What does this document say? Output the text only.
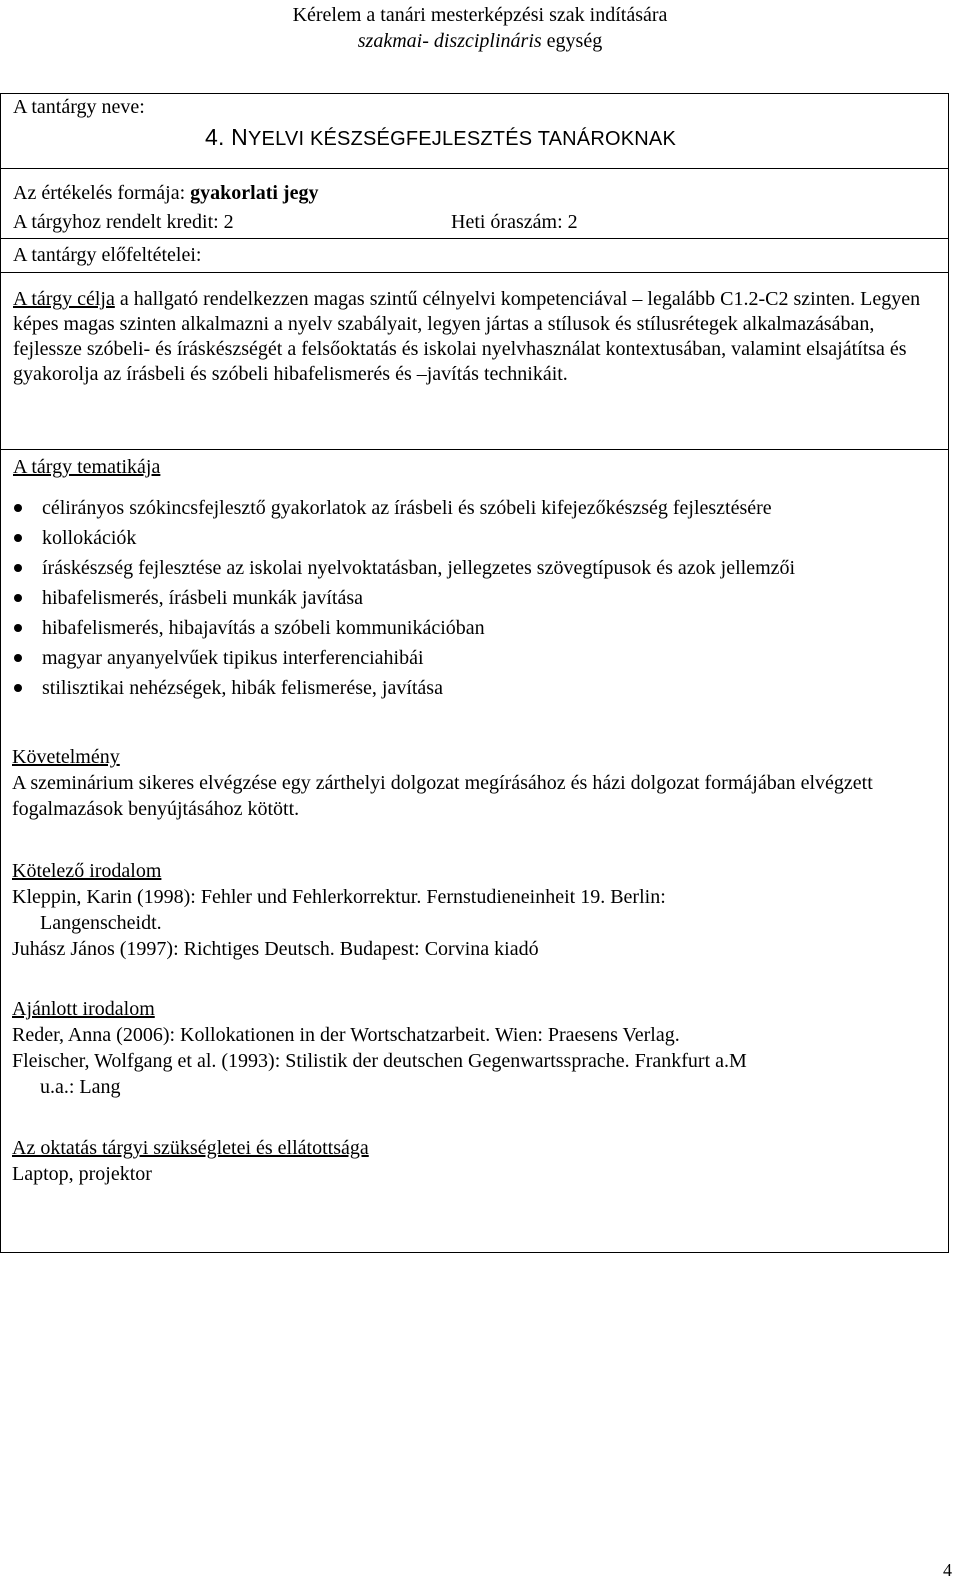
Kérelem a tanári mesterképzési szak indítására
szakmai- diszciplináris egység
A tantárgy neve:
4. NYELVI KÉSZSÉGFEJLESZTÉS TANÁROKNAK
Az értékelés formája: gyakorlati jegy
A tárgyhoz rendelt kredit: 2	Heti óraszám: 2
A tantárgy előfeltételei:
A tárgy célja a hallgató rendelkezzen magas szintű célnyelvi kompetenciával – legalább C1.2-C2 szinten. Legyen képes magas szinten alkalmazni a nyelv szabályait, legyen jártas a stílusok és stílusrétegek alkalmazásában, fejlessze szóbeli- és íráskészségét a felsőoktatás és iskolai nyelvhasználat kontextusában, valamint elsajátítsa és gyakorolja az írásbeli és szóbeli hibafelismerés és –javítás technikáit.
A tárgy tematikája
célirányos szókincsfejlesztő gyakorlatok az írásbeli és szóbeli kifejezőkészség fejlesztésére
kollokációk
íráskészség fejlesztése az iskolai nyelvoktatásban, jellegzetes szövegtípusok és azok jellemzői
hibafelismerés, írásbeli munkák javítása
hibafelismerés, hibajavítás a szóbeli kommunikációban
magyar anyanyelvűek tipikus interferenciahibái
stilisztikai nehézségek, hibák felismerése, javítása
Követelmény
A szeminárium sikeres elvégzése egy zárthelyi dolgozat megírásához és házi dolgozat formájában elvégzett fogalmazások benyújtásához kötött.
Kötelező irodalom
Kleppin, Karin (1998): Fehler und Fehlerkorrektur. Fernstudieneinheit 19. Berlin:
Langenscheidt.
Juhász János (1997): Richtiges Deutsch. Budapest: Corvina kiadó
Ajánlott irodalom
Reder, Anna (2006): Kollokationen in der Wortschatzarbeit. Wien: Praesens Verlag.
Fleischer, Wolfgang et al. (1993): Stilistik der deutschen Gegenwartssprache. Frankfurt a.M
u.a.: Lang
Az oktatás tárgyi szükségletei és ellátottsága
Laptop, projektor
4
